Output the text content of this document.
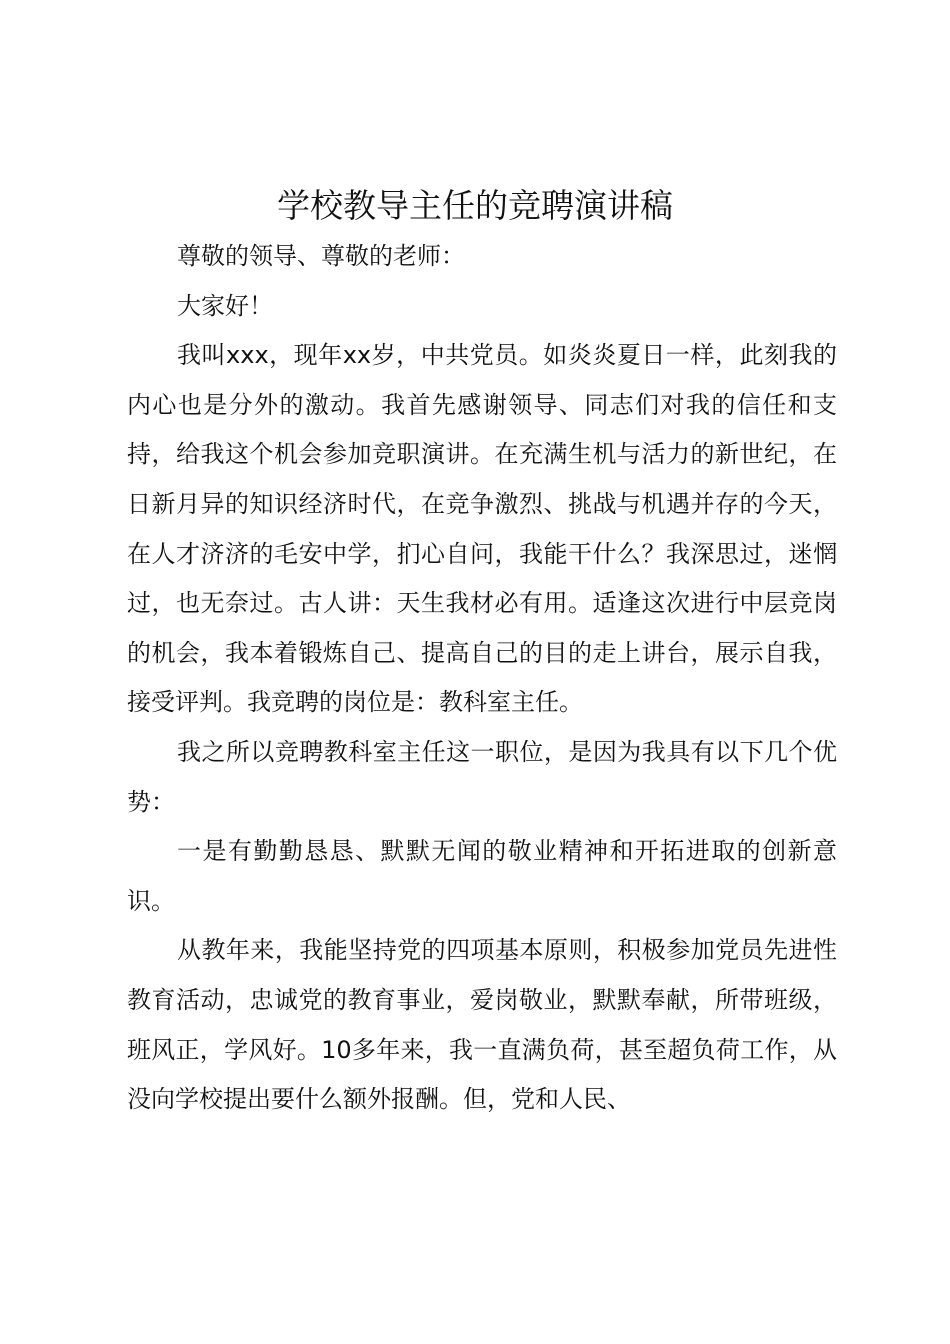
学校教导主任的竞聘演讲稿

尊敬的领导、尊敬的老师：

大家好！

我叫xxx，现年xx岁，中共党员。如炎炎夏日一样，此刻我的内心也是分外的激动。我首先感谢领导、同志们对我的信任和支持，给我这个机会参加竞职演讲。在充满生机与活力的新世纪，在日新月异的知识经济时代，在竞争激烈、挑战与机遇并存的今天，在人才济济的毛安中学，扪心自问，我能干什么？我深思过，迷惘过，也无奈过。古人讲：天生我材必有用。适逢这次进行中层竞岗的机会，我本着锻炼自己、提高自己的目的走上讲台，展示自我，接受评判。我竞聘的岗位是：教科室主任。

我之所以竞聘教科室主任这一职位，是因为我具有以下几个优势：

一是有勤勤恳恳、默默无闻的敬业精神和开拓进取的创新意识。

从教年来，我能坚持党的四项基本原则，积极参加党员先进性教育活动，忠诚党的教育事业，爱岗敬业，默默奉献，所带班级，班风正，学风好。10多年来，我一直满负荷，甚至超负荷工作，从没向学校提出要什么额外报酬。但，党和人民、
